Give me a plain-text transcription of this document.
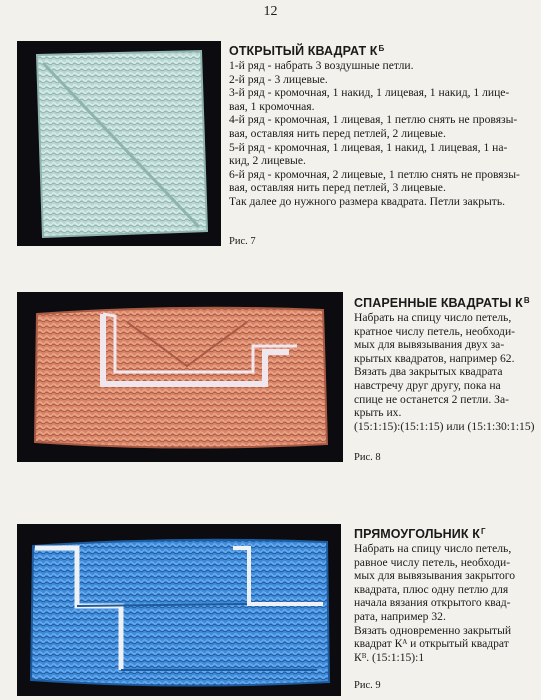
12
ОТКРЫТЫЙ КВАДРАТ $К^Б$
1-й ряд - набрать 3 воздушные петли.
2-й ряд - 3 лицевые.
3-й ряд - кромочная, 1 накид, 1 лицевая, 1 накид, 1 лице-
вая, 1 кромочная.
4-й ряд - кромочная, 1 лицевая, 1 петлю снять не провязы-
вая, оставляя нить перед петлей, 2 лицевые.
5-й ряд - кромочная, 1 лицевая, 1 накид, 1 лицевая, 1 на-
кид, 2 лицевые.
6-й ряд - кромочная, 2 лицевые, 1 петлю снять не провязы-
вая, оставляя нить перед петлей, 3 лицевые.
Так далее до нужного размера квадрата. Петли закрыть.
Рис. 7
СПАРЕННЫЕ КВАДРАТЫ $К^В$
Набрать на спицу число петель,
кратное числу петель, необходи-
мых для вывязывания двух за-
крытых квадратов, например 62.
Вязать два закрытых квадрата
навстречу друг другу, пока на
спице не останется 2 петли. За-
крыть их.
(15:1:15):(15:1:15) или (15:1:30:1:15)
Рис. 8
ПРЯМОУГОЛЬНИК $К^Г$
Набрать на спицу число петель,
равное числу петель, необходи-
мых для вывязывания закрытого
квадрата, плюс одну петлю для
начала вязания открытого квад-
рата, например 32.
Вязать одновременно закрытый
квадрат Кᴬ и открытый квадрат
Кᴮ. (15:1:15):1
Рис. 9
